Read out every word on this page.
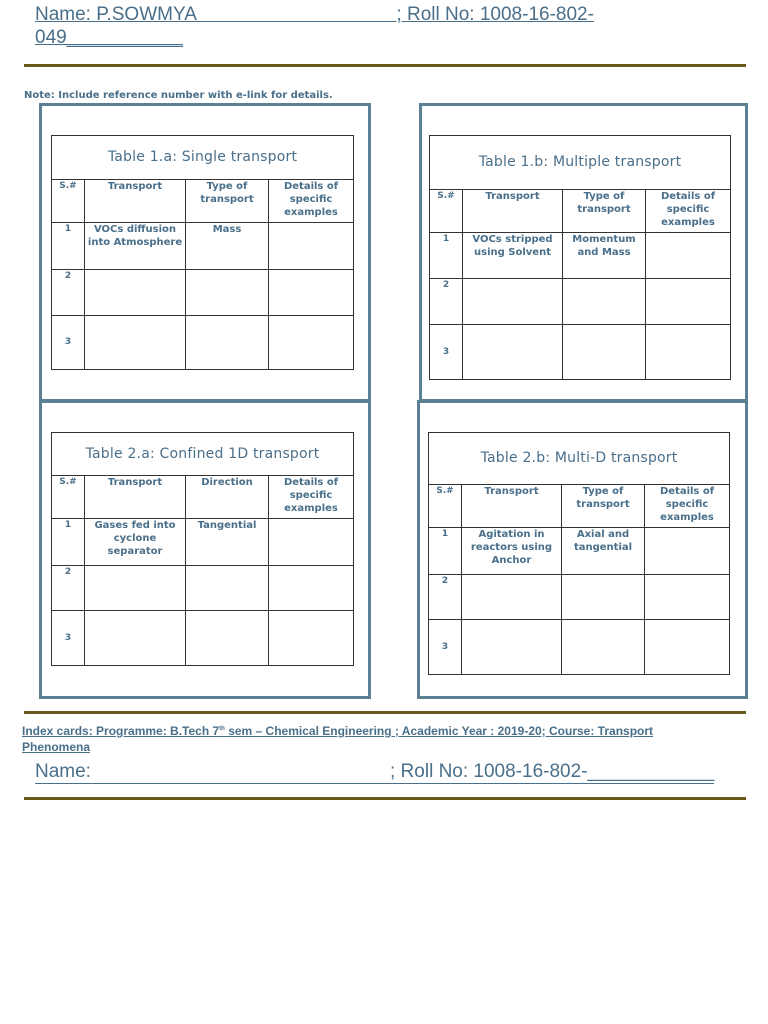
Name: P.SOWMYA                                      ; Roll No: 1008-16-802-
049___________
Note: Include reference number with e-link for details.
Table 1.a: Single transport			
S.#	Transport	Type of transport	Details of specific examples
1	VOCs diffusion into Atmosphere	Mass	
2			
3			
Table 1.b: Multiple transport			
S.#	Transport	Type of transport	Details of specific examples
1	VOCs stripped using Solvent	Momentum and Mass	
2			
3			
Table 2.a: Confined 1D transport			
S.#	Transport	Direction	Details of specific examples
1	Gases fed into cyclone separator	Tangential	
2			
3			
Table 2.b: Multi-D transport			
S.#	Transport	Type of transport	Details of specific examples
1	Agitation in reactors using Anchor	Axial and tangential	
2			
3			
Index cards: Programme: B.Tech 7th sem – Chemical Engineering ; Academic Year : 2019-20; Course: Transport Phenomena
Name:	; Roll No: 1008-16-802-____________
